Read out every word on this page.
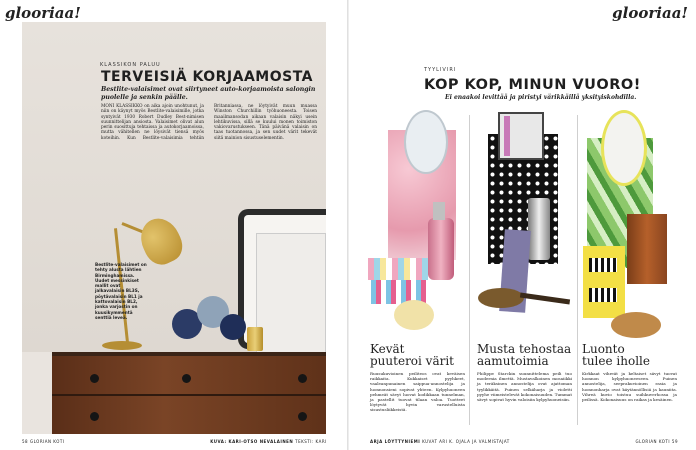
glooriaa!	glooriaa!
KLASSIKON PALUU
TERVEISIÄ KORJAAMOSTA
Bestlite-valaisimet ovat siirtyneet auto-korjaamoista salongin puolelle ja senkin päälle.
MONI KLASSIKKO on aika ajoin unohtunut, ja niin on käynyt myös Bestlite-valaisimille, jotka syntyivät 1930 Robert Dudley Best-nimisen suunnittelijan ansiosta. Valaisimet olivat alun perin suosittuja tehtaissa ja autokorjaamoissa, mutta vähitellen ne löysivät tiensä myös koteihin. Kun Bestlite-valaisimia tehtiin Britanniassa, ne löytyivät muun muassa Winston Churchillin työhuoneesta. Toisen maailmansodan aikaan valaisin näkyi usein lehtikuvissa, sillä se kuului monen toimiston vakiovarustukseen. Tänä päivänä valaisin on taas tuotannossa, ja sen uudet värit tekevät siitä mainion sisustuselementin.
Bestlite-valaisimet on tehty alusta lähtien Birminghamissa. Uudet messinkiset mallit ovat jalkavalaisin BL3S, pöytävalaisin BL1 ja kattovalaisin BL2, jonka varjostin on kuusikymmentä senttiä leveä.
58 GLORIAN KOTI	KUVA: KARI-OTSO NEVALAINEN TEKSTI: KARI
TYYLIVIRI
KOP KOP, MINUN VUORO!
Ei enaakoi levittää ja piristyi värikkäillä yksityiskohdilla.
Kevät
puuteroi värit
Ruusukuvioinen peiliteos ovat keväisen raikkaita. Kukkaiset pyyhkeet, vaaleanpunainen saippua-annostelija ja luonnonsieni sopivat yhteen. Kylpyhuoneen pehmeät sävyt luovat kodikkaan tunnelman, ja pastellit tuovat tilaan valoa. Tuotteet löytyvät hyvin varustelluista sisustusliikkeistä.
Musta tehostaa
aamutoimia
Philippe Starckin suunnittelema peili tuo modernia ilmettä. Mustavalkoinen mosaiikki ja teräksinen annostelija ovat ajattoman tyylikkäitä. Puinen selkäharja ja violetti pyyhe viimeistelevät kokonaisuuden. Tummat sävyt sopivat hyvin valoisiin kylpyhuoneisiin.
Luonto
tulee iholle
Kirkkaat vihreät ja keltaiset sävyt tuovat luonnon kylpyhuoneeseen. Puinen annostelija, seeprakuvioinen rasia ja luonnonharja ovat käytännöllisiä ja kauniita. Vihreä kuvio toistuu suihkuverhossa ja peilissä. Kokonaisuus on raikas ja kesäinen.
ARJA LÖYTTYNIEMI KUVAT ARI K. OJALA JA VALMISTAJAT	GLORIAN KOTI 59
